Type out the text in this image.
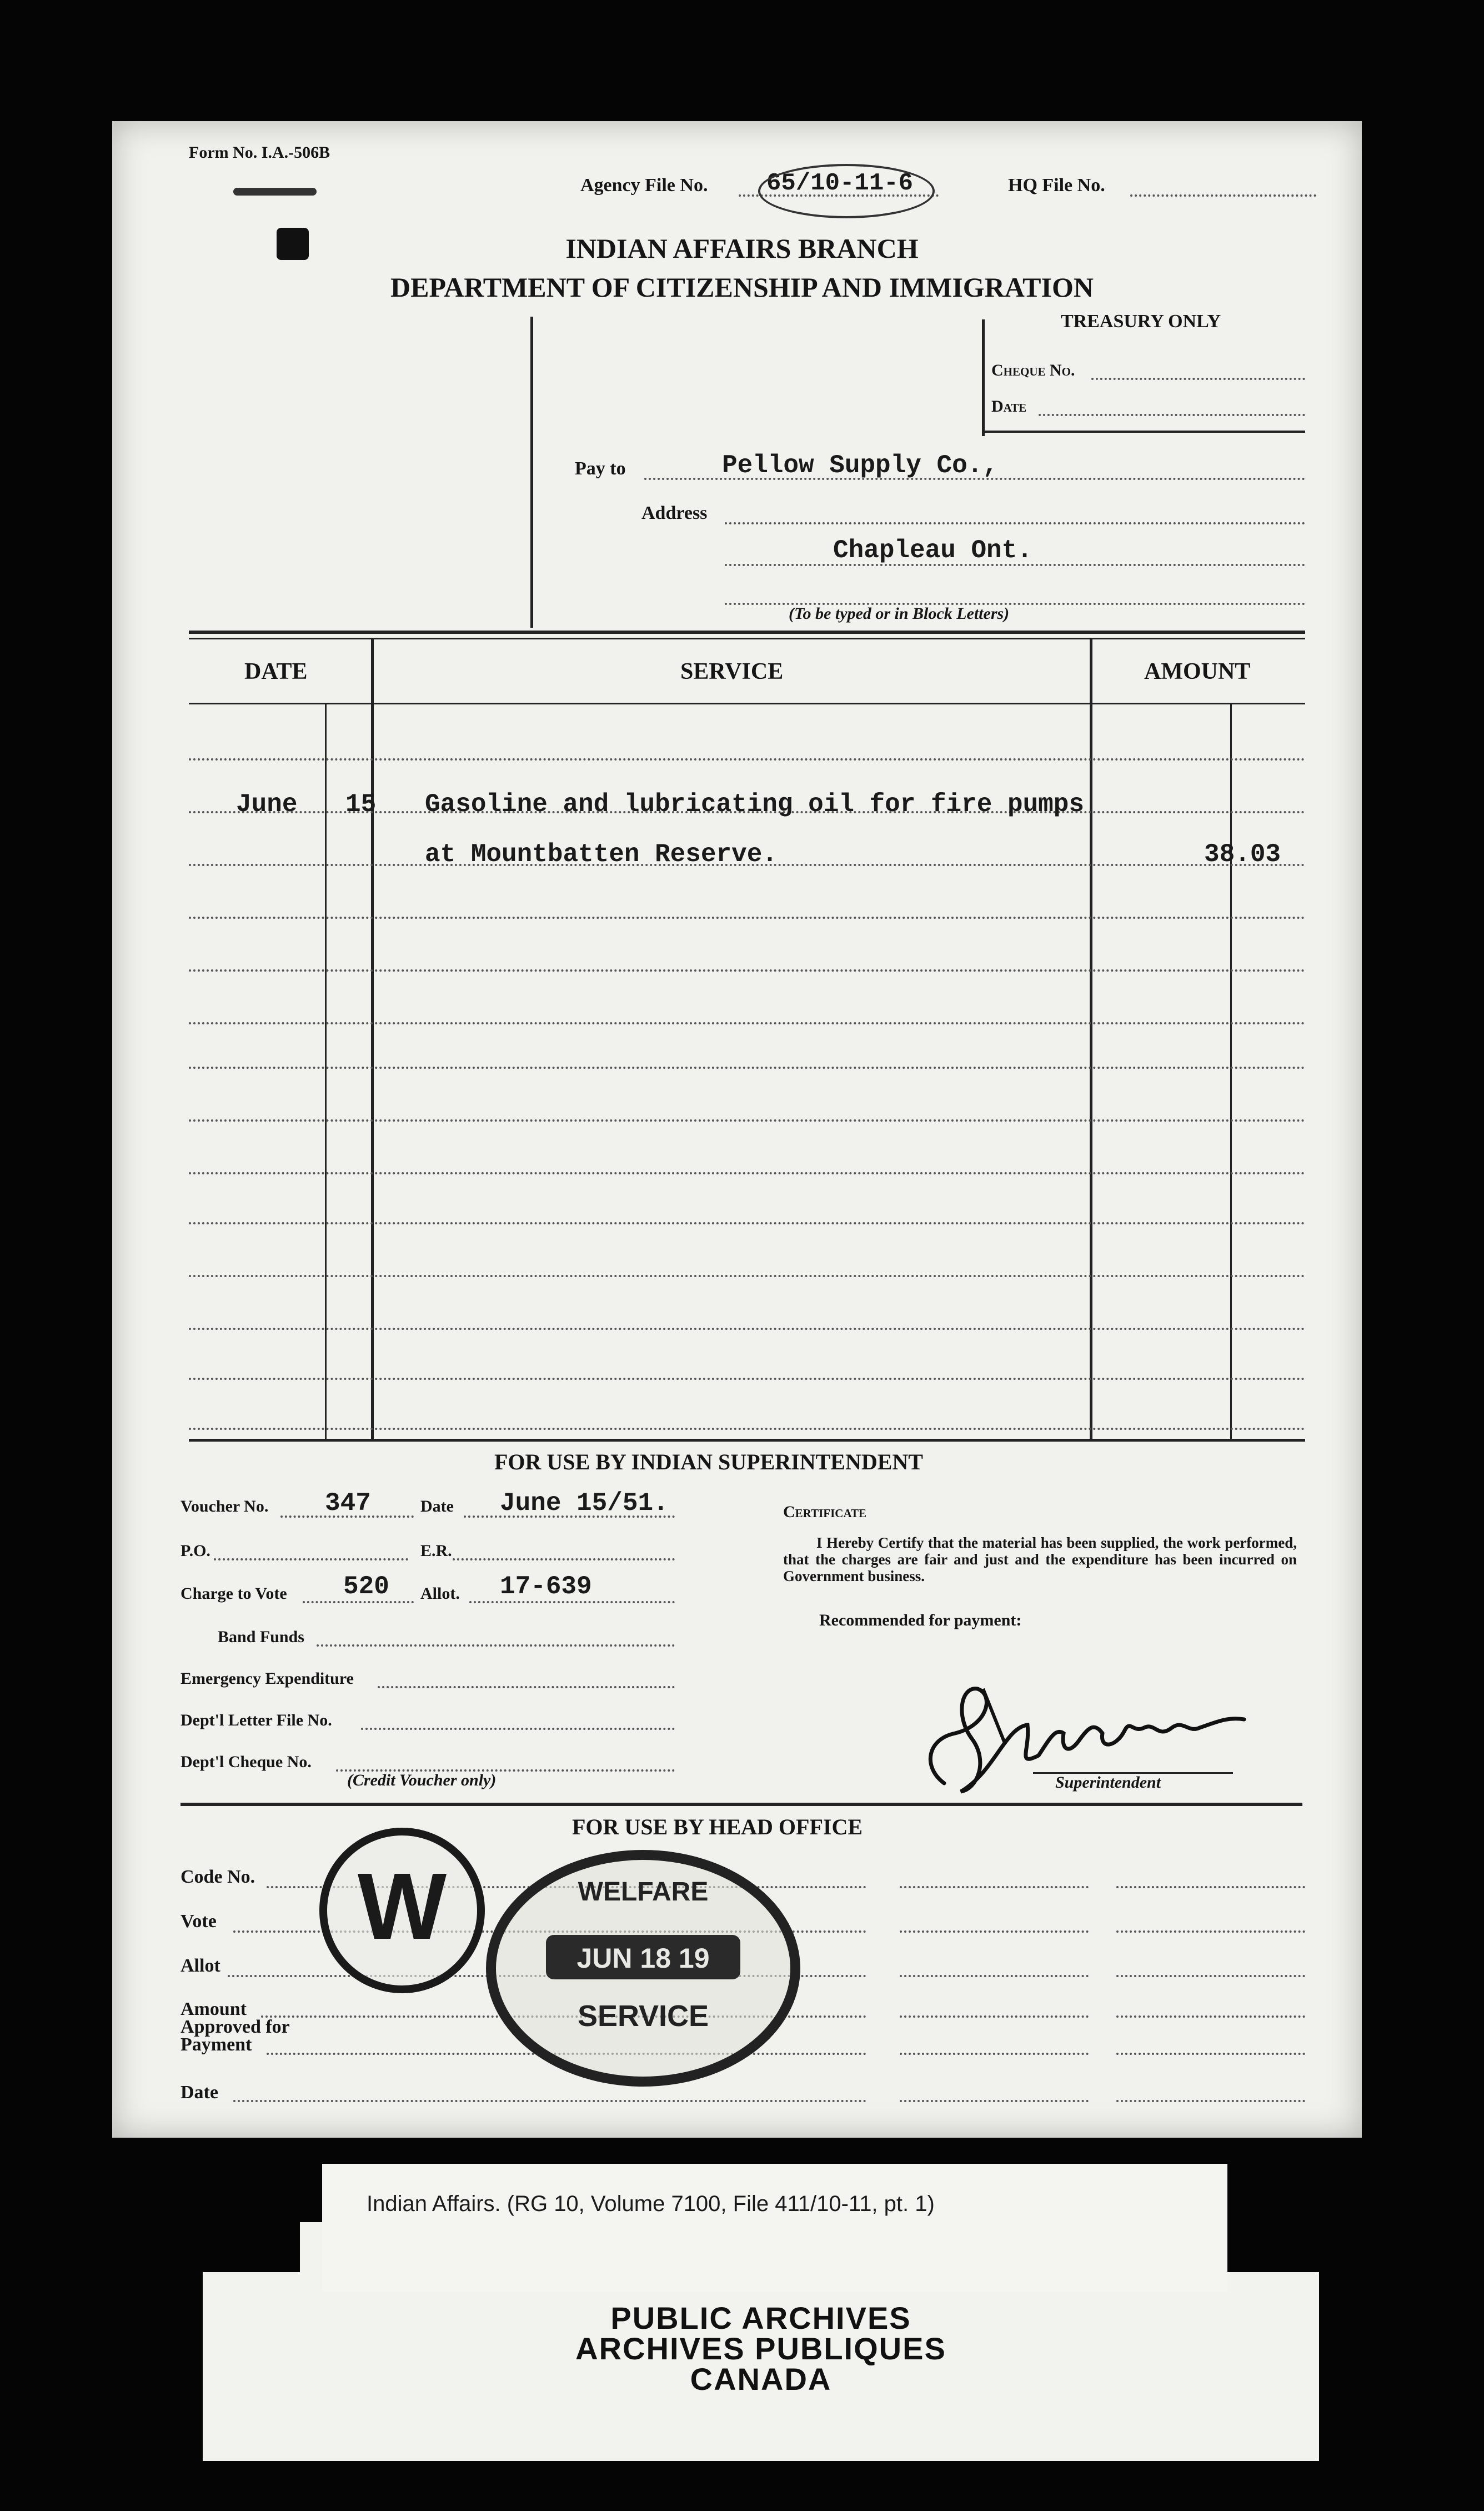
Form No. I.A.-506B
Agency File No. 65/10-11-6	HQ File No.
INDIAN AFFAIRS BRANCH
DEPARTMENT OF CITIZENSHIP AND IMMIGRATION
TREASURY ONLY
Cheque No.
Date
Pay to	Pellow Supply Co.,
Address
Chapleau Ont.
(To be typed or in Block Letters)
DATE	SERVICE	AMOUNT
June 15 Gasoline and lubricating oil for fire pumps
at Mountbatten Reserve.	38.03
FOR USE BY INDIAN SUPERINTENDENT
Voucher No. 347	Date June 15/51.
P.O.	E.R.
Charge to Vote 520 Allot. 17-639
Band Funds
Emergency Expenditure
Dept'l Letter File No.
Dept'l Cheque No.
(Credit Voucher only)
Certificate
I Hereby Certify that the material has been supplied, the work performed, that the charges are fair and just and the expenditure has been incurred on Government business.
Recommended for payment:
Superintendent
FOR USE BY HEAD OFFICE
Code No.
Vote
Allot
Amount
Approved for
Payment
Date
W	WELFARE
JUN 18 19
SERVICE
Indian Affairs. (RG 10, Volume 7100, File 411/10-11, pt. 1)
PUBLIC ARCHIVES
ARCHIVES PUBLIQUES
CANADA
